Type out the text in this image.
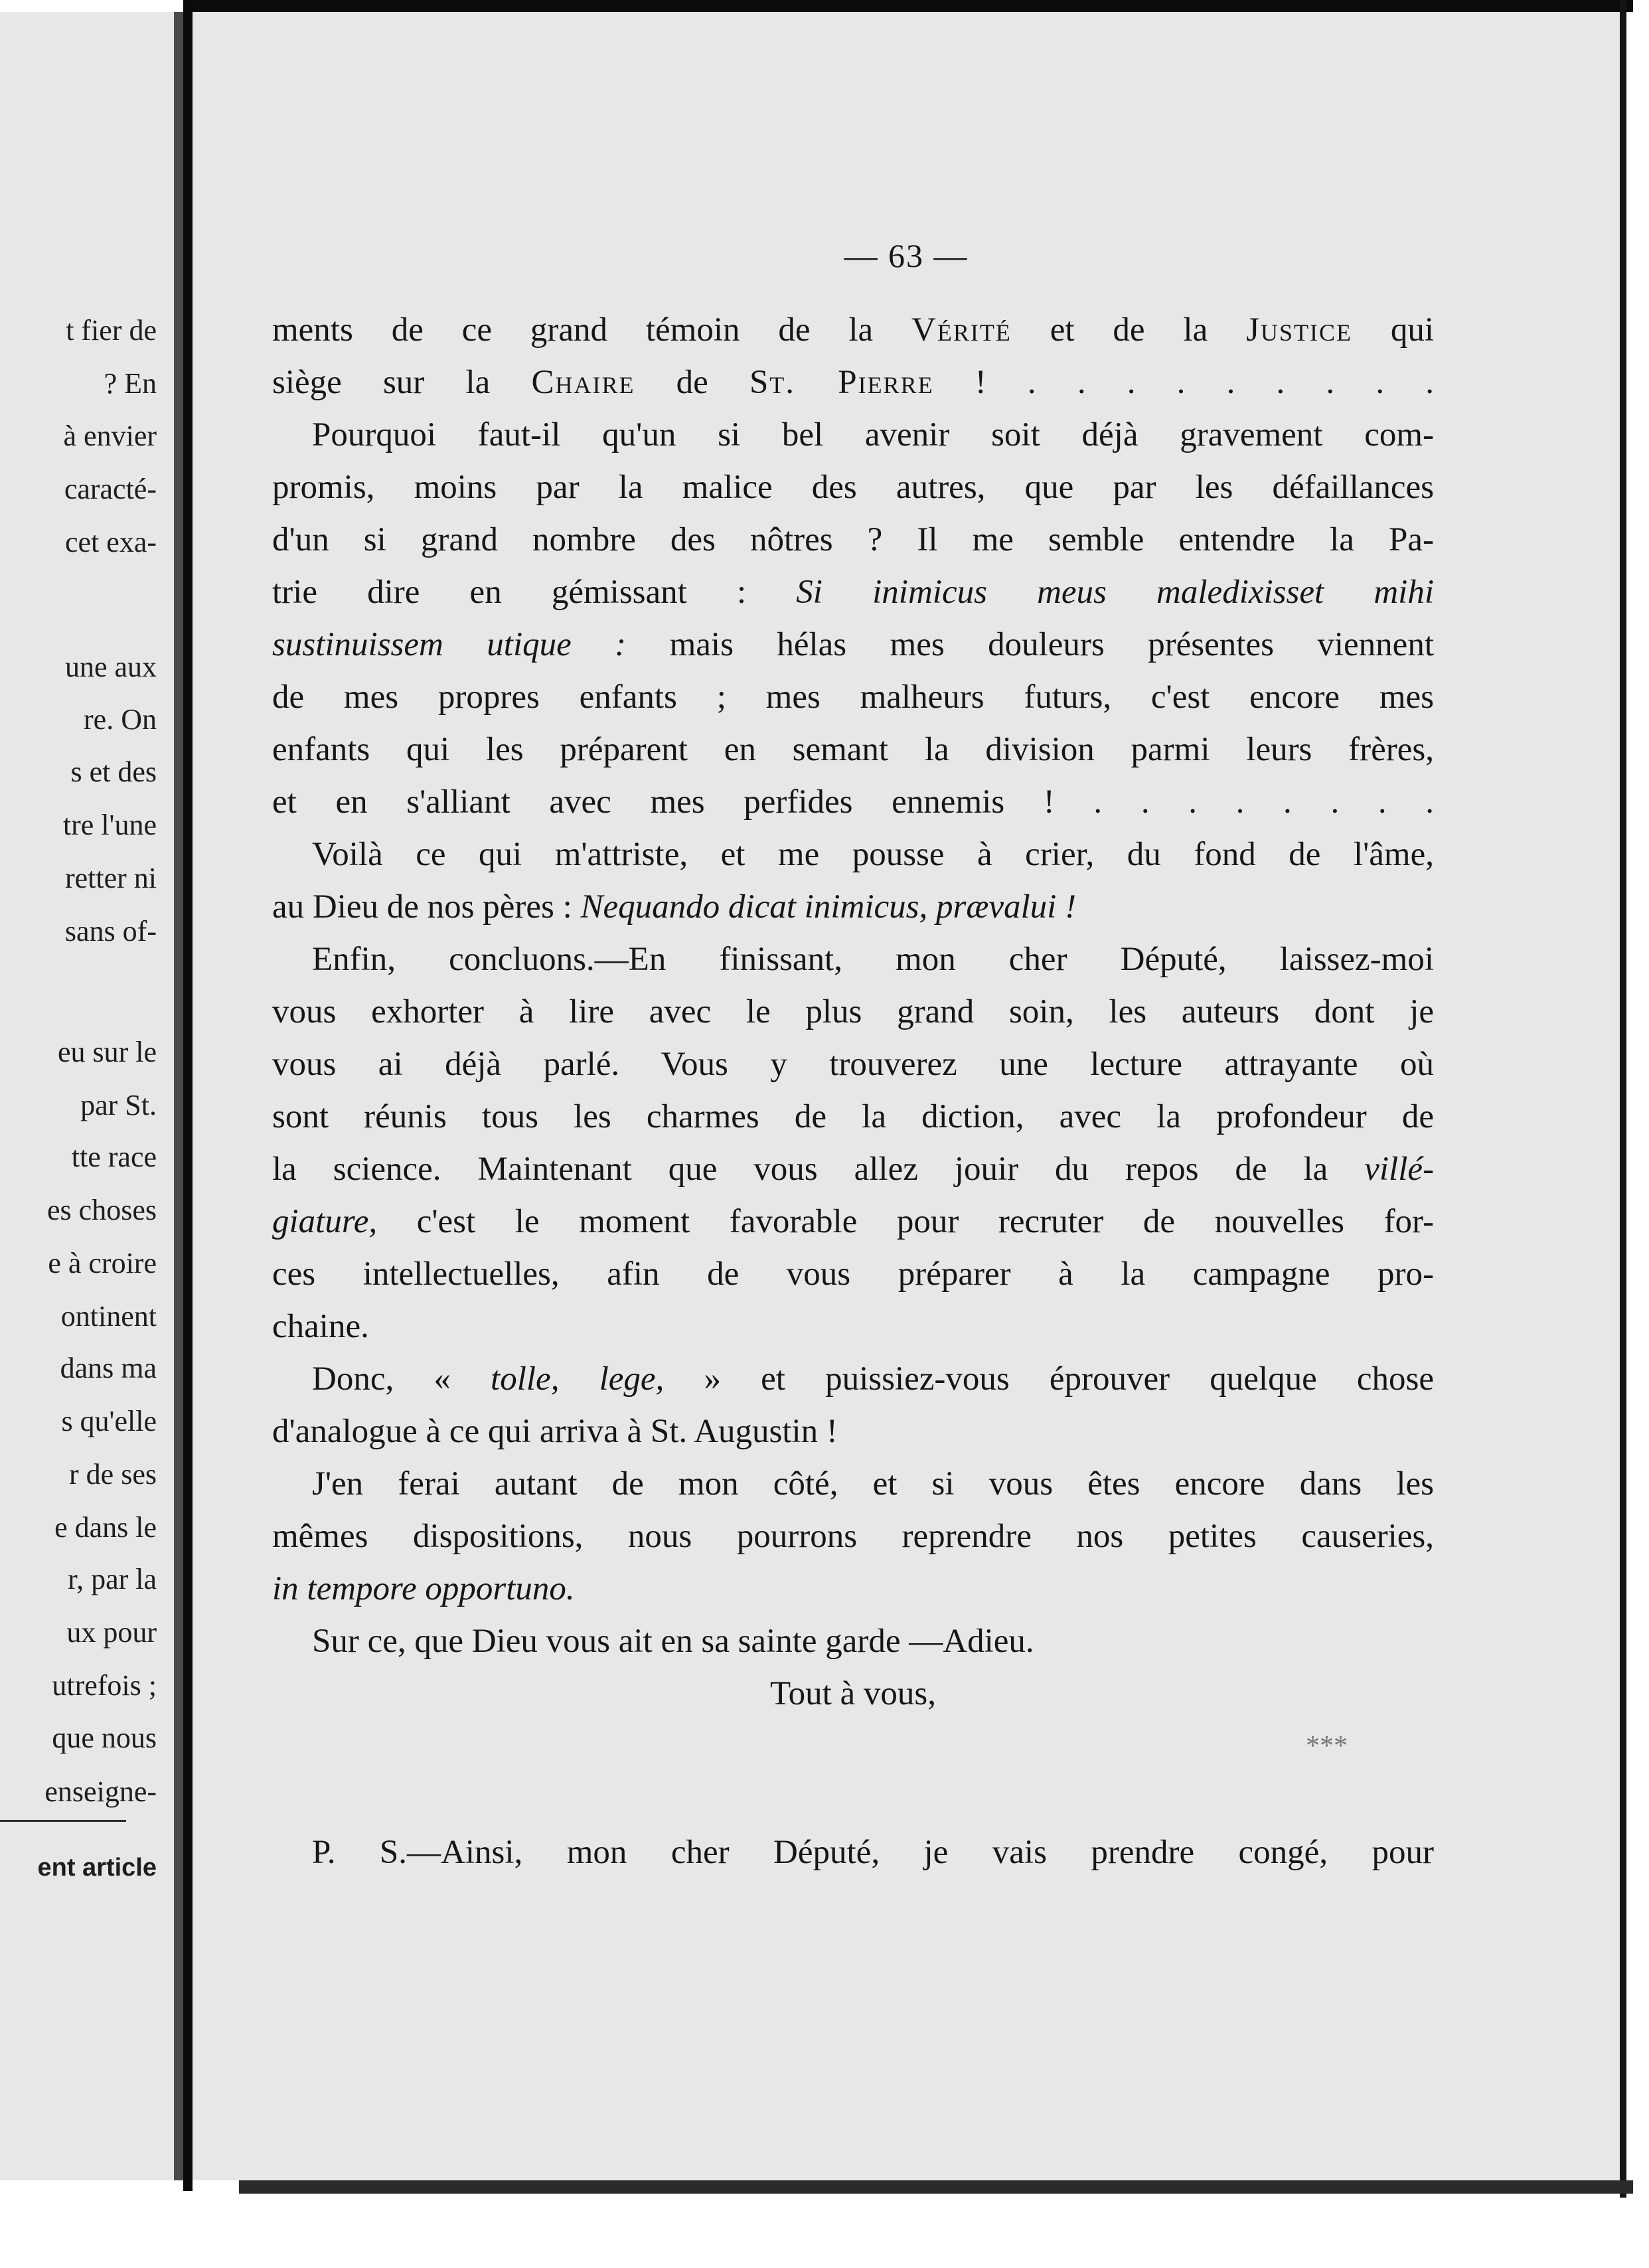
t fier de
? En
à envier
caracté-
cet exa-
une aux
re. On
s et des
tre l'une
retter ni
sans of-
eu sur le
par St.
tte race
es choses
e à croire
ontinent
dans ma
s qu'elle
r de ses
e dans le
r, par la
ux pour
utrefois ;
que nous
enseigne-
ent article
— 63 —
ments de ce grand témoin de la Vérité et de la Justice qui
siège sur la Chaire de St. Pierre ! . . . . . . . . .
Pourquoi faut-il qu'un si bel avenir soit déjà gravement com-
promis, moins par la malice des autres, que par les défaillances
d'un si grand nombre des nôtres ? Il me semble entendre la Pa-
trie dire en gémissant : Si inimicus meus maledixisset mihi
sustinuissem utique : mais hélas mes douleurs présentes viennent
de mes propres enfants ; mes malheurs futurs, c'est encore mes
enfants qui les préparent en semant la division parmi leurs frères,
et en s'alliant avec mes perfides ennemis ! . . . . . . . .
Voilà ce qui m'attriste, et me pousse à crier, du fond de l'âme,
au Dieu de nos pères : Nequando dicat inimicus, prævalui !
Enfin, concluons.—En finissant, mon cher Député, laissez-moi
vous exhorter à lire avec le plus grand soin, les auteurs dont je
vous ai déjà parlé. Vous y trouverez une lecture attrayante où
sont réunis tous les charmes de la diction, avec la profondeur de
la science. Maintenant que vous allez jouir du repos de la villé-
giature, c'est le moment favorable pour recruter de nouvelles for-
ces intellectuelles, afin de vous préparer à la campagne pro-
chaine.
Donc, « tolle, lege, » et puissiez-vous éprouver quelque chose
d'analogue à ce qui arriva à St. Augustin !
J'en ferai autant de mon côté, et si vous êtes encore dans les
mêmes dispositions, nous pourrons reprendre nos petites causeries,
in tempore opportuno.
Sur ce, que Dieu vous ait en sa sainte garde —Adieu.
Tout à vous,
***
P. S.—Ainsi, mon cher Député, je vais prendre congé, pour
